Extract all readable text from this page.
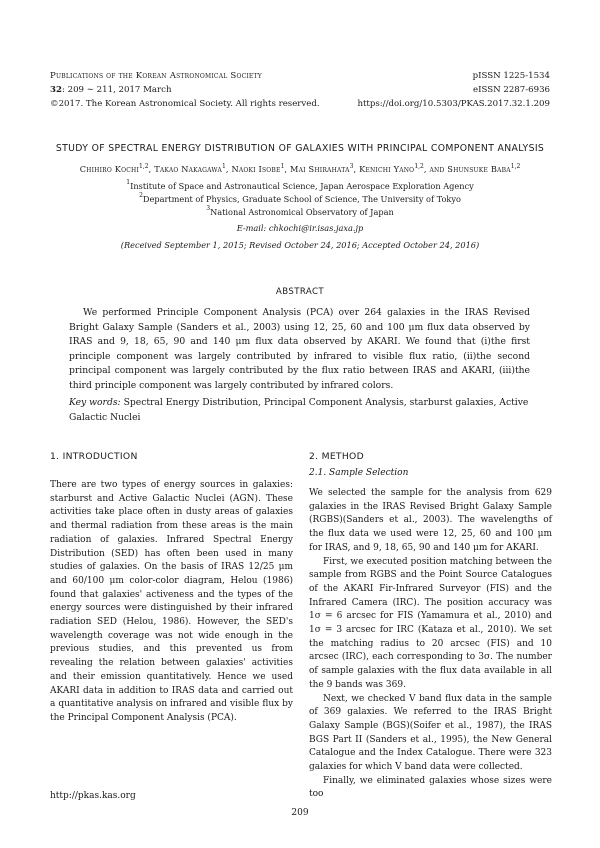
Publications of the Korean Astronomical Society
32: 209 ∼ 211, 2017 March
©2017. The Korean Astronomical Society. All rights reserved.
pISSN 1225-1534
eISSN 2287-6936
https://doi.org/10.5303/PKAS.2017.32.1.209
STUDY OF SPECTRAL ENERGY DISTRIBUTION OF GALAXIES WITH PRINCIPAL COMPONENT ANALYSIS
Chihiro Kochi$^{1,2}$, Takao Nakagawa$^1$, Naoki Isobe$^1$, Mai Shirahata$^3$, Kenichi Yano$^{1,2}$, and Shunsuke Baba$^{1,2}$
$^1$Institute of Space and Astronautical Science, Japan Aerospace Exploration Agency
$^2$Department of Physics, Graduate School of Science, The University of Tokyo
$^3$National Astronomical Observatory of Japan
E-mail: chkochi@ir.isas.jaxa.jp
(Received September 1, 2015; Revised October 24, 2016; Accepted October 24, 2016)
ABSTRACT
We performed Principle Component Analysis (PCA) over 264 galaxies in the IRAS Revised Bright Galaxy Sample (Sanders et al., 2003) using 12, 25, 60 and 100 μm flux data observed by IRAS and 9, 18, 65, 90 and 140 μm flux data observed by AKARI. We found that (i)the first principle component was largely contributed by infrared to visible flux ratio, (ii)the second principal component was largely contributed by the flux ratio between IRAS and AKARI, (iii)the third principle component was largely contributed by infrared colors.
Key words: Spectral Energy Distribution, Principal Component Analysis, starburst galaxies, Active Galactic Nuclei
1. INTRODUCTION

There are two types of energy sources in galaxies: starburst and Active Galactic Nuclei (AGN). These activities take place often in dusty areas of galaxies and thermal radiation from these areas is the main radiation of galaxies. Infrared Spectral Energy Distribution (SED) has often been used in many studies of galaxies. On the basis of IRAS 12/25 μm and 60/100 μm color-color diagram, Helou (1986) found that galaxies' activeness and the types of the energy sources were distinguished by their infrared radiation SED (Helou, 1986). However, the SED's wavelength coverage was not wide enough in the previous studies, and this prevented us from revealing the relation between galaxies' activities and their emission quantitatively. Hence we used AKARI data in addition to IRAS data and carried out a quantitative analysis on infrared and visible flux by the Principal Component Analysis (PCA).

2. METHOD
2.1. Sample Selection

We selected the sample for the analysis from 629 galaxies in the IRAS Revised Bright Galaxy Sample (RGBS)(Sanders et al., 2003). The wavelengths of the flux data we used were 12, 25, 60 and 100 μm for IRAS, and 9, 18, 65, 90 and 140 μm for AKARI.

First, we executed position matching between the sample from RGBS and the Point Source Catalogues of the AKARI Fir-Infrared Surveyor (FIS) and the Infrared Camera (IRC). The position accuracy was 1σ = 6 arcsec for FIS (Yamamura et al., 2010) and 1σ = 3 arcsec for IRC (Kataza et al., 2010). We set the matching radius to 20 arcsec (FIS) and 10 arcsec (IRC), each corresponding to 3σ. The number of sample galaxies with the flux data available in all the 9 bands was 369.

Next, we checked V band flux data in the sample of 369 galaxies. We referred to the IRAS Bright Galaxy Sample (BGS)(Soifer et al., 1987), the IRAS BGS Part II (Sanders et al., 1995), the New General Catalogue and the Index Catalogue. There were 323 galaxies for which V band data were collected.

Finally, we eliminated galaxies whose sizes were too

http://pkas.kas.org
209
